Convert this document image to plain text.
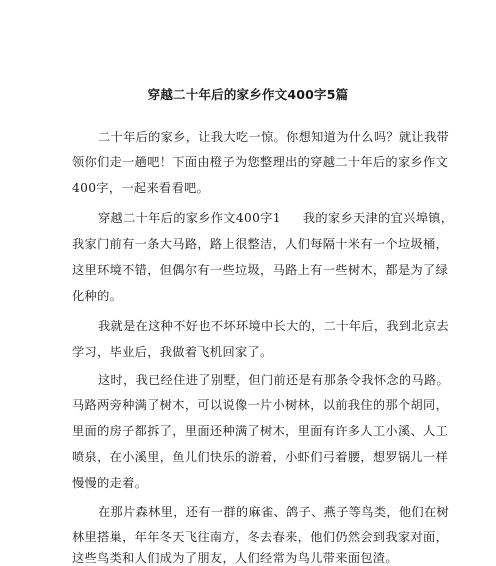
穿越二十年后的家乡作文400字5篇
二十年后的家乡，让我大吃一惊。你想知道为什么吗？就让我带
领你们走一趟吧！下面由橙子为您整理出的穿越二十年后的家乡作文
400字，一起来看看吧。
穿越二十年后的家乡作文400字1 我的家乡天津的宜兴埠镇，
我家门前有一条大马路，路上很整洁，人们每隔十米有一个垃圾桶，
这里环境不错，但偶尔有一些垃圾，马路上有一些树木，都是为了绿
化种的。
我就是在这种不好也不坏环境中长大的，二十年后，我到北京去
学习，毕业后，我做着飞机回家了。
这时，我已经住进了别墅，但门前还是有那条令我怀念的马路。
马路两旁种满了树木，可以说像一片小树林，以前我住的那个胡同，
里面的房子都拆了，里面还种满了树木，里面有许多人工小溪、人工
喷泉，在小溪里，鱼儿们快乐的游着，小虾们弓着腰，想罗锅儿一样
慢慢的走着。
在那片森林里，还有一群的麻雀、鸽子、燕子等鸟类，他们在树
林里搭巢，年年冬天飞往南方，冬去春来，他们仍然会到我家对面，
这些鸟类和人们成为了朋友，人们经常为鸟儿带来面包渣。
